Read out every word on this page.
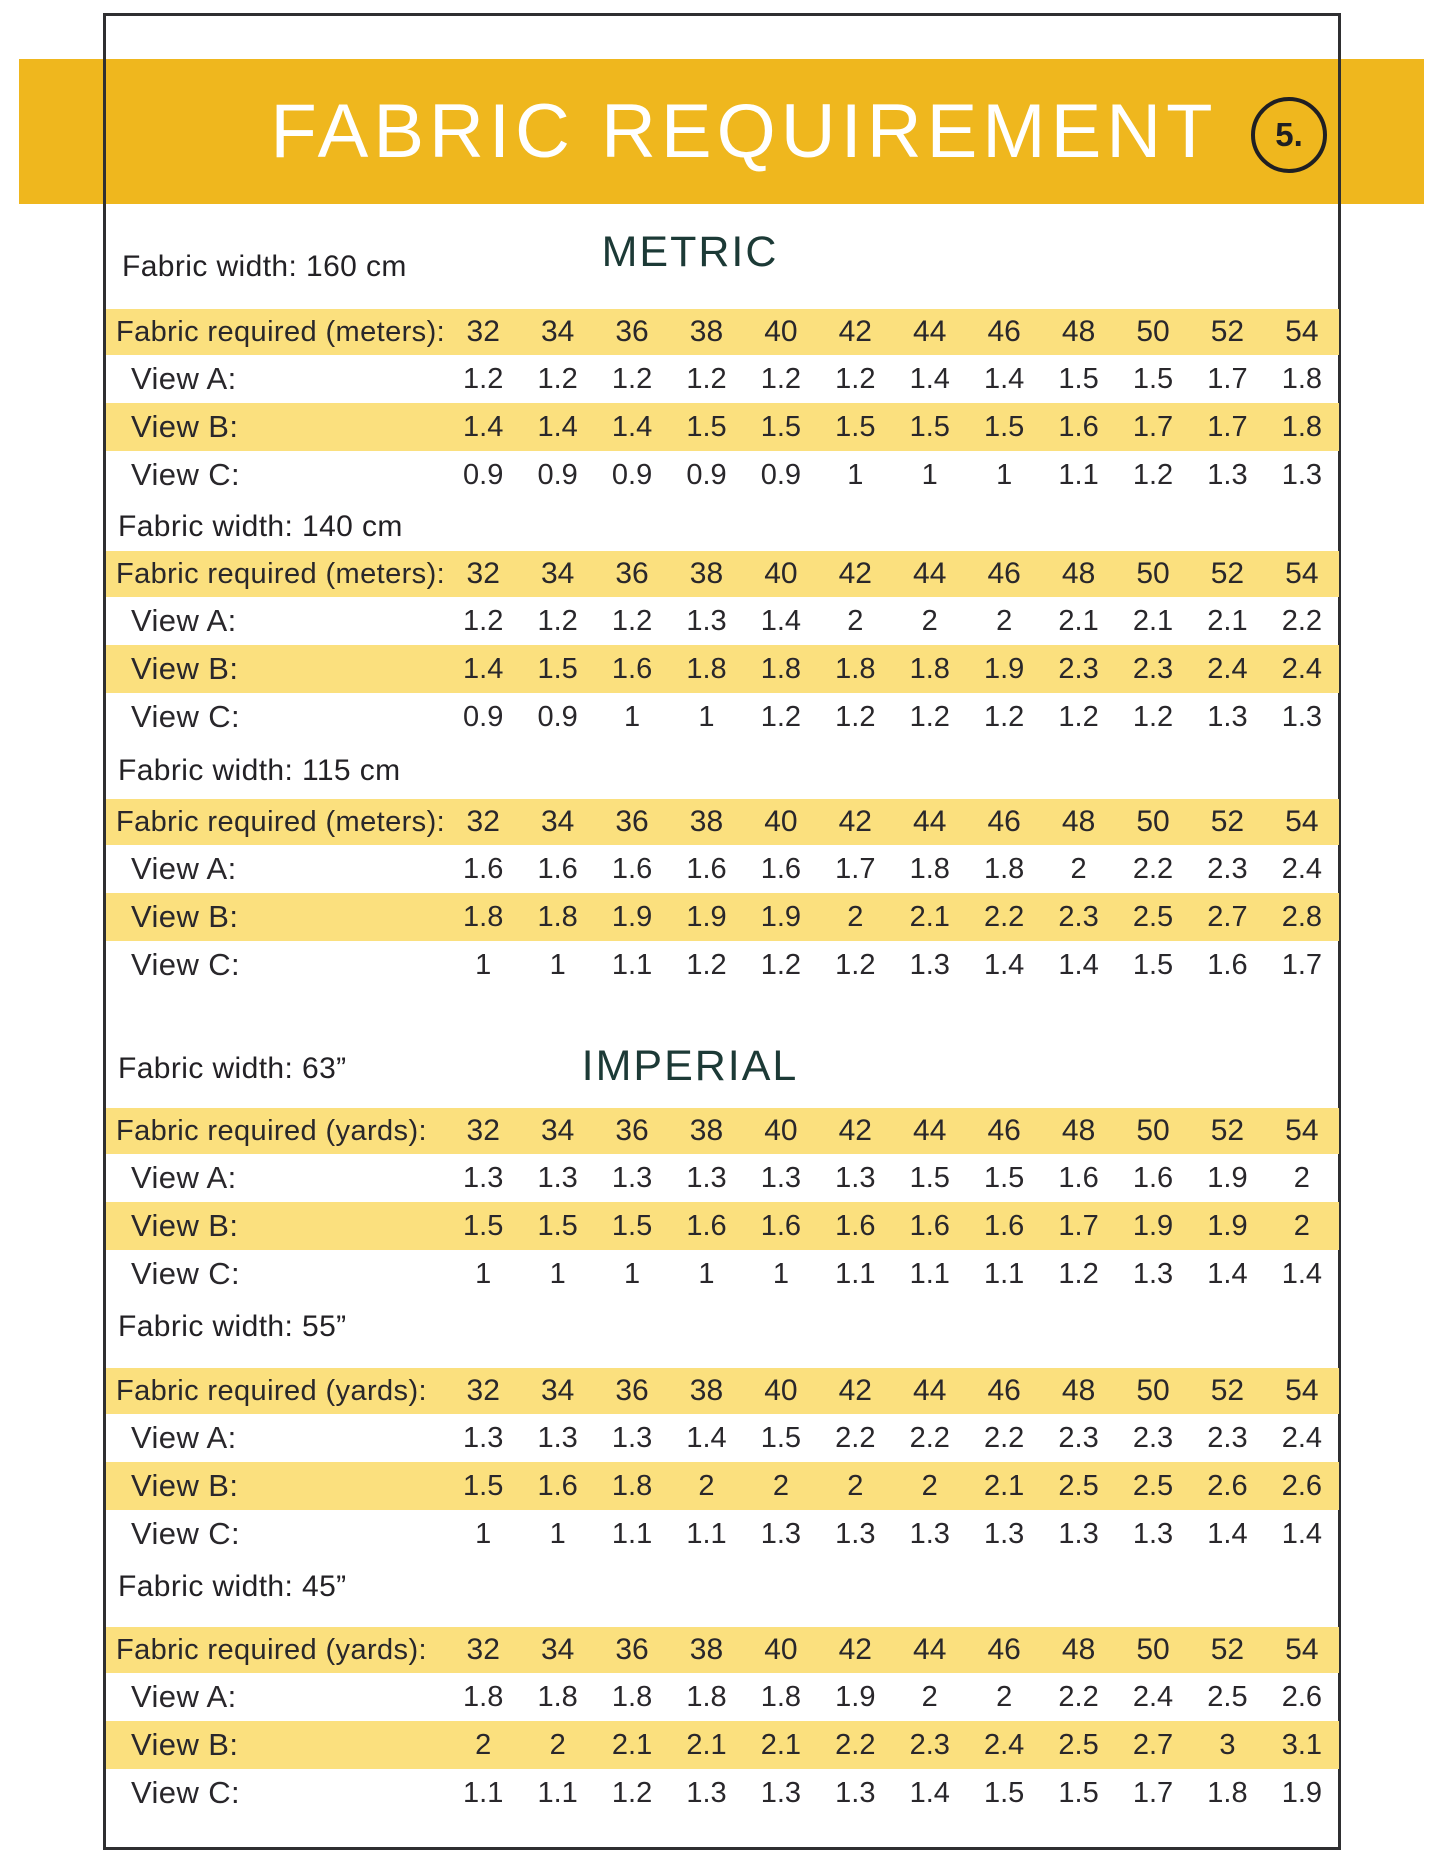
FABRIC REQUIREMENT	5.
METRIC
IMPERIAL
Fabric width: 160 cm
Fabric required (meters): 32	34	36	38	40	42	44	46	48	50	52	54
View A:	1.2	1.2	1.2	1.2	1.2	1.2	1.4	1.4	1.5	1.5	1.7	1.8
View B:	1.4	1.4	1.4	1.5	1.5	1.5	1.5	1.5	1.6	1.7	1.7	1.8
View C:	0.9	0.9	0.9	0.9	0.9	1	1	1	1.1	1.2	1.3	1.3
Fabric width: 140 cm
Fabric required (meters): 32	34	36	38	40	42	44	46	48	50	52	54
View A:	1.2	1.2	1.2	1.3	1.4	2	2	2	2.1	2.1	2.1	2.2
View B:	1.4	1.5	1.6	1.8	1.8	1.8	1.8	1.9	2.3	2.3	2.4	2.4
View C:	0.9	0.9	1	1	1.2	1.2	1.2	1.2	1.2	1.2	1.3	1.3
Fabric width: 115 cm
Fabric required (meters): 32	34	36	38	40	42	44	46	48	50	52	54
View A:	1.6	1.6	1.6	1.6	1.6	1.7	1.8	1.8	2	2.2	2.3	2.4
View B:	1.8	1.8	1.9	1.9	1.9	2	2.1	2.2	2.3	2.5	2.7	2.8
View C:	1	1	1.1	1.2	1.2	1.2	1.3	1.4	1.4	1.5	1.6	1.7
Fabric width: 63”
Fabric required (yards):	32	34	36	38	40	42	44	46	48	50	52	54
View A:	1.3	1.3	1.3	1.3	1.3	1.3	1.5	1.5	1.6	1.6	1.9	2
View B:	1.5	1.5	1.5	1.6	1.6	1.6	1.6	1.6	1.7	1.9	1.9	2
View C:	1	1	1	1	1	1.1	1.1	1.1	1.2	1.3	1.4	1.4
Fabric width: 55”
Fabric required (yards):	32	34	36	38	40	42	44	46	48	50	52	54
View A:	1.3	1.3	1.3	1.4	1.5	2.2	2.2	2.2	2.3	2.3	2.3	2.4
View B:	1.5	1.6	1.8	2	2	2	2	2.1	2.5	2.5	2.6	2.6
View C:	1	1	1.1	1.1	1.3	1.3	1.3	1.3	1.3	1.3	1.4	1.4
Fabric width: 45”
Fabric required (yards):	32	34	36	38	40	42	44	46	48	50	52	54
View A:	1.8	1.8	1.8	1.8	1.8	1.9	2	2	2.2	2.4	2.5	2.6
View B:	2	2	2.1	2.1	2.1	2.2	2.3	2.4	2.5	2.7	3	3.1
View C:	1.1	1.1	1.2	1.3	1.3	1.3	1.4	1.5	1.5	1.7	1.8	1.9
